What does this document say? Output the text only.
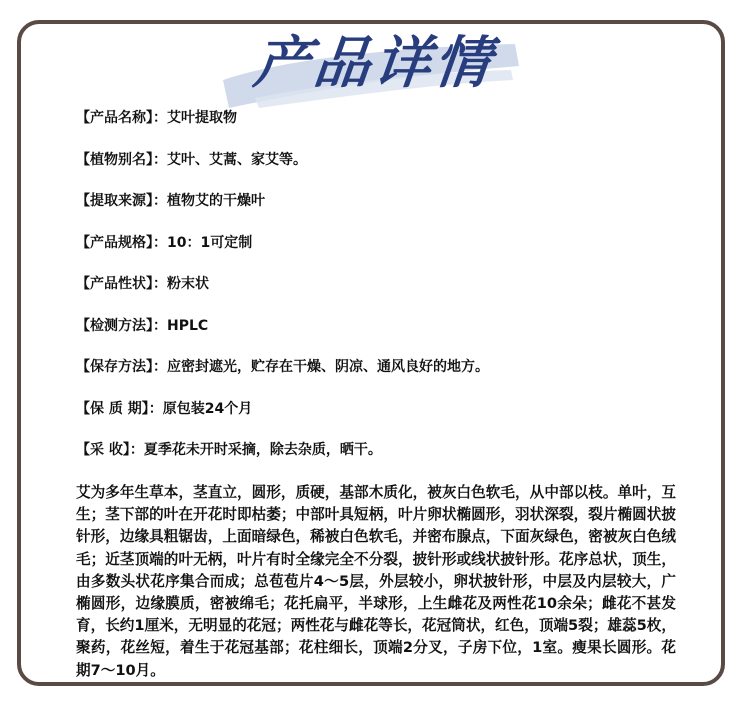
产品详情
【产品名称】：艾叶提取物
【植物别名】：艾叶、艾蒿、家艾等。
【提取来源】：植物艾的干燥叶
【产品规格】：10：1可定制
【产品性状】：粉末状
【检测方法】：HPLC
【保存方法】：应密封遮光，贮存在干燥、阴凉、通风良好的地方。
【保 质 期】：原包装24个月
【采 收】：夏季花未开时采摘，除去杂质，晒干。

艾为多年生草本，茎直立，圆形，质硬，基部木质化，被灰白色软毛，从中部以枝。单叶，互生；茎下部的叶在开花时即枯萎；中部叶具短柄，叶片卵状椭圆形，羽状深裂，裂片椭圆状披针形，边缘具粗锯齿，上面暗绿色，稀被白色软毛，并密布腺点，下面灰绿色，密被灰白色绒毛；近茎顶端的叶无柄，叶片有时全缘完全不分裂，披针形或线状披针形。花序总状，顶生，由多数头状花序集合而成；总苞苞片4～5层，外层较小，卵状披针形，中层及内层较大，广椭圆形，边缘膜质，密被绵毛；花托扁平，半球形，上生雌花及两性花10余朵；雌花不甚发育，长约1厘米，无明显的花冠；两性花与雌花等长，花冠筒状，红色，顶端5裂；雄蕊5枚，聚药，花丝短，着生于花冠基部；花柱细长，顶端2分叉，子房下位，1室。瘦果长圆形。花期7～10月。
